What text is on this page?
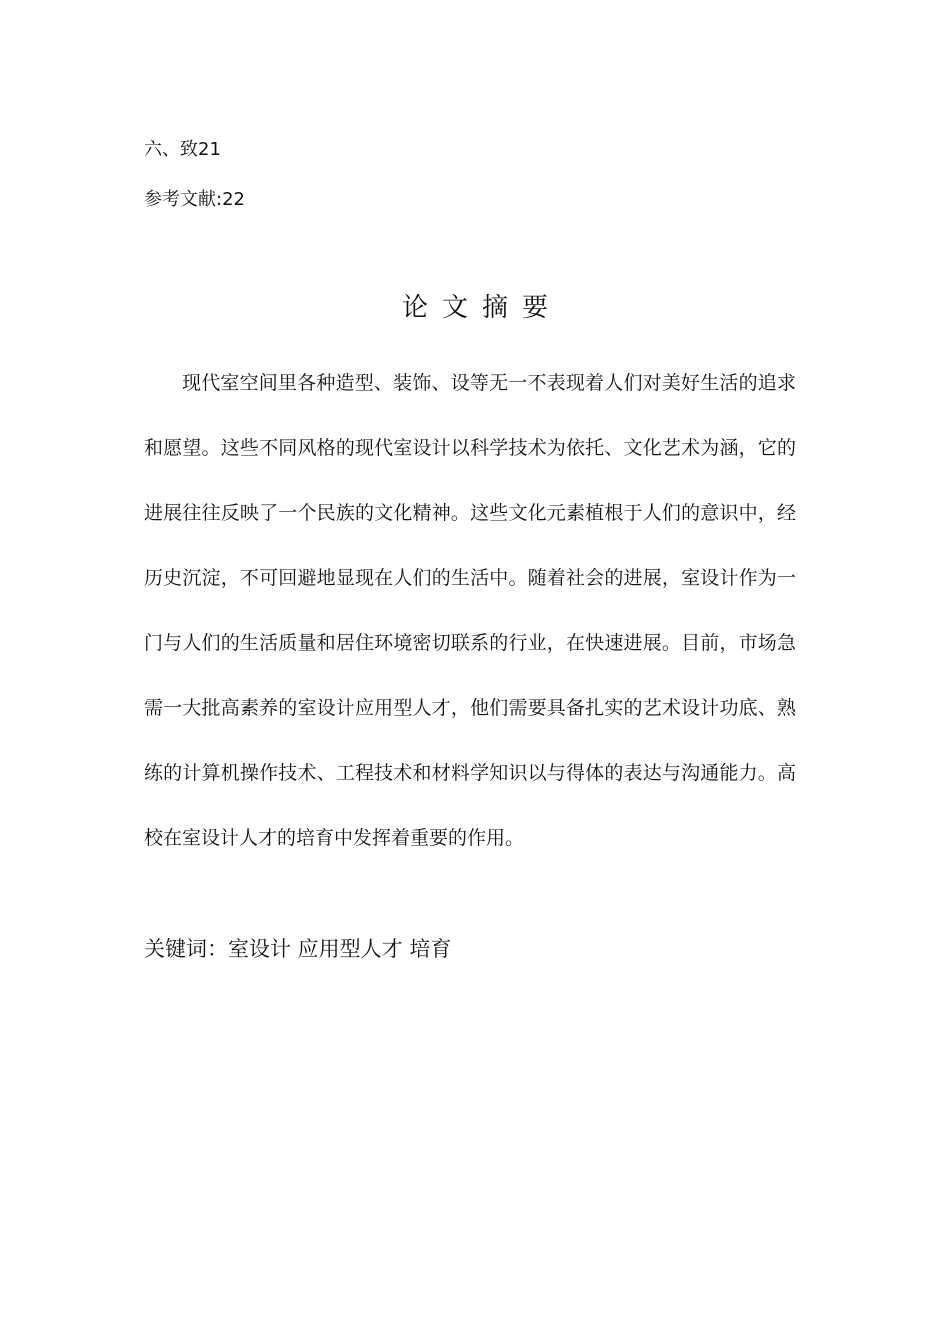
六、致21
参考文献:22
论文摘要
现代室空间里各种造型、装饰、设等无一不表现着人们对美好生活的追求
和愿望。这些不同风格的现代室设计以科学技术为依托、文化艺术为涵，它的
进展往往反映了一个民族的文化精神。这些文化元素植根于人们的意识中，经
历史沉淀，不可回避地显现在人们的生活中。随着社会的进展，室设计作为一
门与人们的生活质量和居住环境密切联系的行业，在快速进展。目前，市场急
需一大批高素养的室设计应用型人才，他们需要具备扎实的艺术设计功底、熟
练的计算机操作技术、工程技术和材料学知识以与得体的表达与沟通能力。高
校在室设计人才的培育中发挥着重要的作用。
关键词：室设计 应用型人才 培育
